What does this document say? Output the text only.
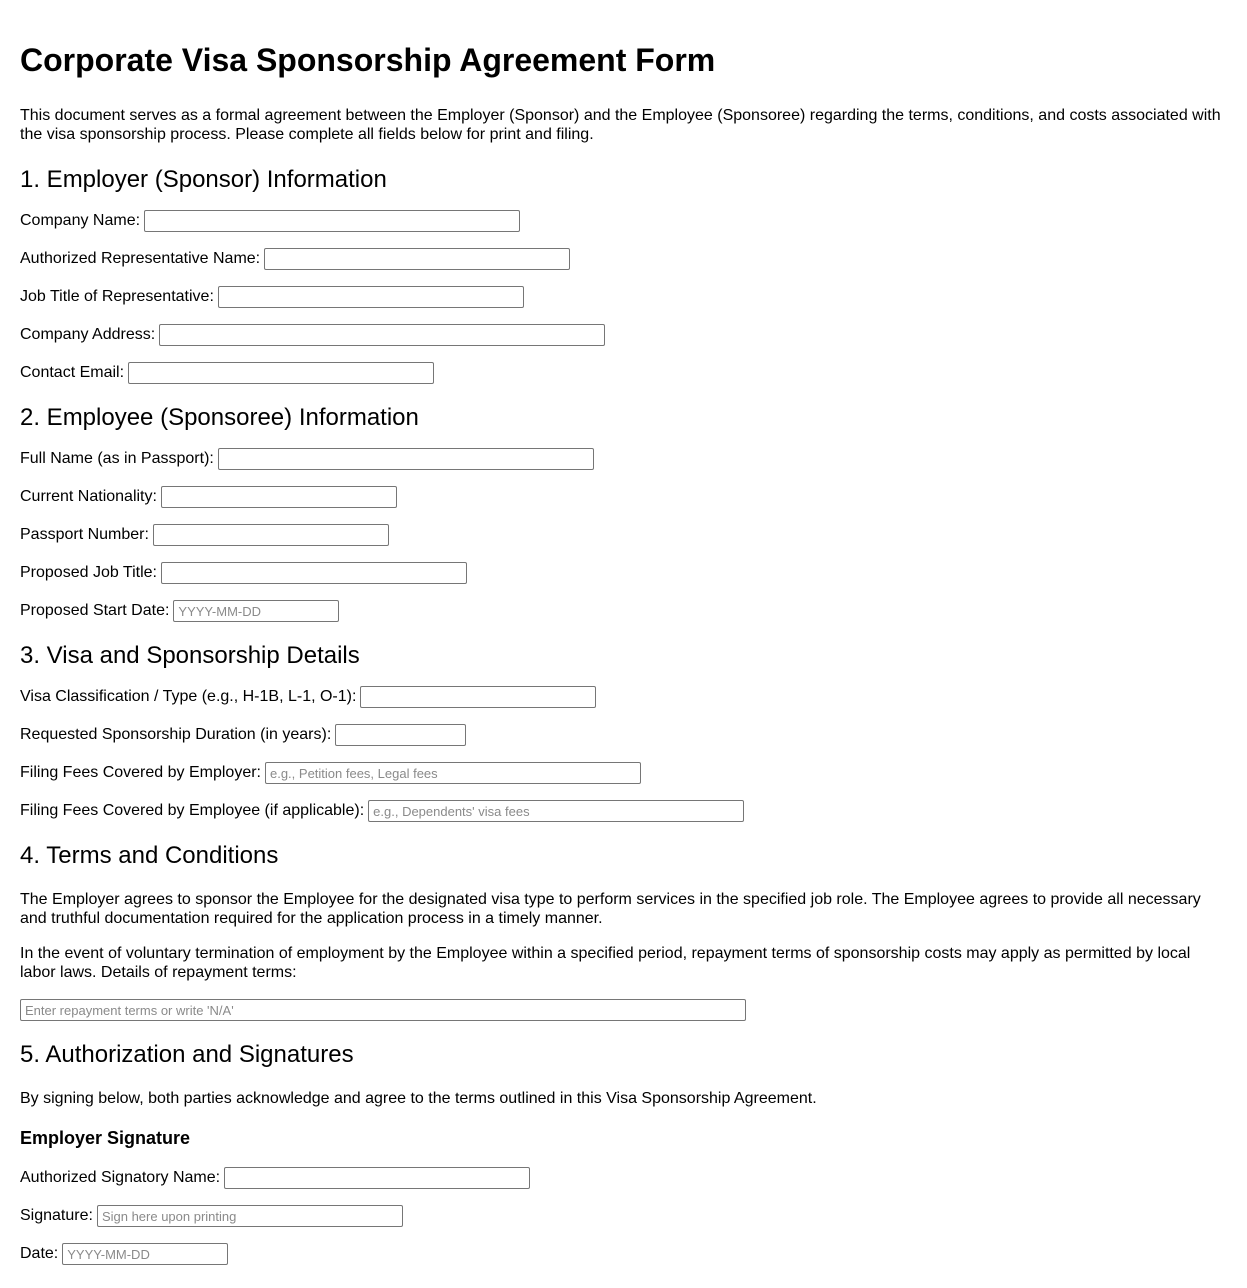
Corporate Visa Sponsorship Agreement Form

This document serves as a formal agreement between the Employer (Sponsor) and the Employee (Sponsoree) regarding the terms, conditions, and costs associated with the visa sponsorship process. Please complete all fields below for print and filing.

1. Employer (Sponsor) Information
Company Name:
Authorized Representative Name:
Job Title of Representative:
Company Address:
Contact Email:
2. Employee (Sponsoree) Information
Full Name (as in Passport):
Current Nationality:
Passport Number:
Proposed Job Title:
Proposed Start Date:
YYYY-MM-DD
3. Visa and Sponsorship Details
Visa Classification / Type (e.g., H-1B, L-1, O-1):
Requested Sponsorship Duration (in years):
Filing Fees Covered by Employer:
e.g., Petition fees, Legal fees
Filing Fees Covered by Employee (if applicable):
e.g., Dependents' visa fees
4. Terms and Conditions

The Employer agrees to sponsor the Employee for the designated visa type to perform services in the specified job role. The Employee agrees to provide all necessary and truthful documentation required for the application process in a timely manner.

In the event of voluntary termination of employment by the Employee within a specified period, repayment terms of sponsorship costs may apply as permitted by local labor laws. Details of repayment terms:

Enter repayment terms or write 'N/A'
5. Authorization and Signatures

By signing below, both parties acknowledge and agree to the terms outlined in this Visa Sponsorship Agreement.

Employer Signature
Authorized Signatory Name:
Signature:
Sign here upon printing
Date:
YYYY-MM-DD
